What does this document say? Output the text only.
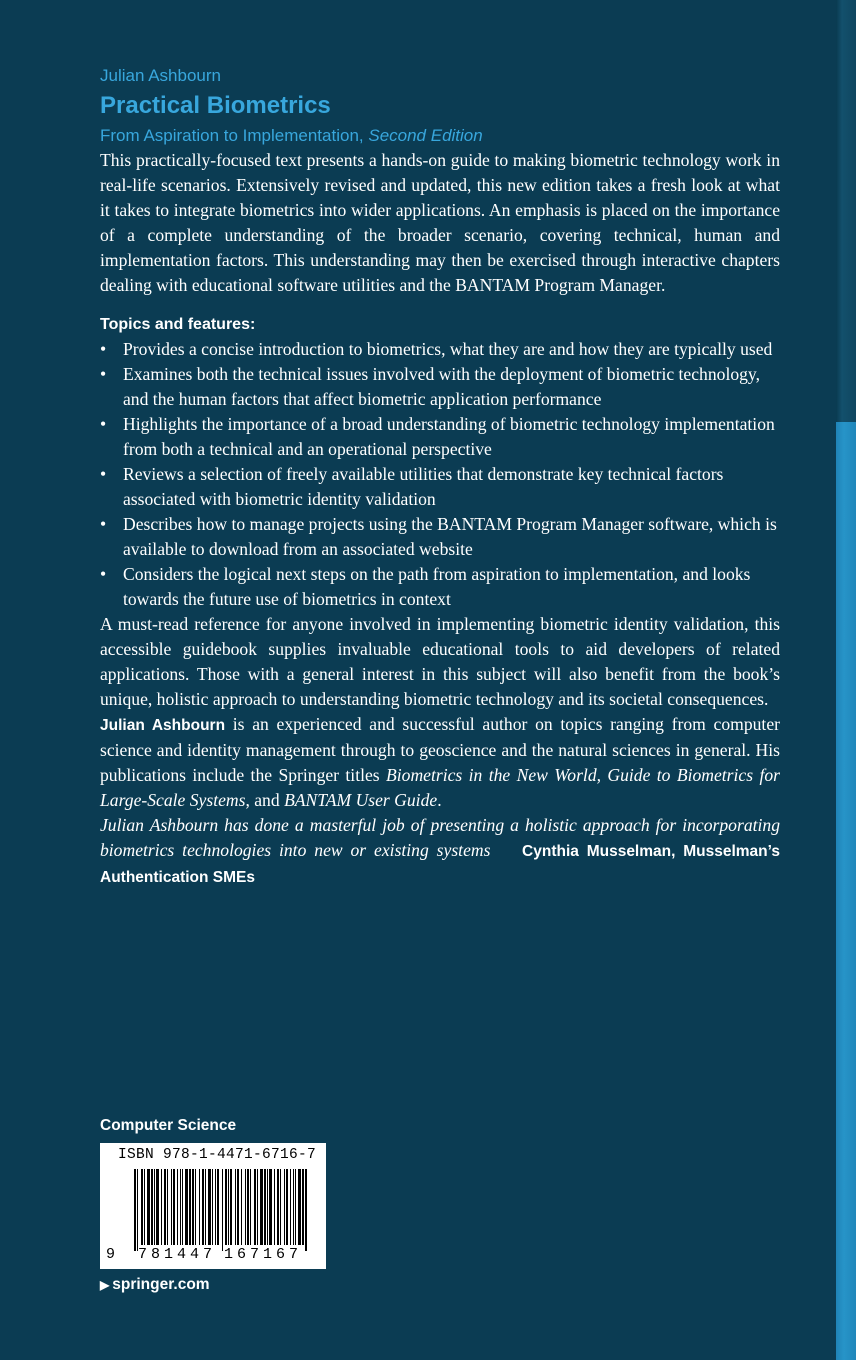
Julian Ashbourn
Practical Biometrics
From Aspiration to Implementation, Second Edition

This practically-focused text presents a hands-on guide to making biometric technology work in real-life scenarios. Extensively revised and updated, this new edition takes a fresh look at what it takes to integrate biometrics into wider applications. An emphasis is placed on the importance of a complete understanding of the broader scenario, covering technical, human and implementation factors. This understanding may then be exercised through interactive chapters dealing with educational software utilities and the BANTAM Program Manager.

Topics and features:
• Provides a concise introduction to biometrics, what they are and how they are typically used
• Examines both the technical issues involved with the deployment of biometric technology, and the human factors that affect biometric application performance
• Highlights the importance of a broad understanding of biometric technology implementation from both a technical and an operational perspective
• Reviews a selection of freely available utilities that demonstrate key technical factors associated with biometric identity validation
• Describes how to manage projects using the BANTAM Program Manager software, which is available to download from an associated website
• Considers the logical next steps on the path from aspiration to implementation, and looks towards the future use of biometrics in context

A must-read reference for anyone involved in implementing biometric identity validation, this accessible guidebook supplies invaluable educational tools to aid developers of related applications. Those with a general interest in this subject will also benefit from the book’s unique, holistic approach to understanding biometric technology and its societal consequences.

Julian Ashbourn is an experienced and successful author on topics ranging from computer science and identity management through to geoscience and the natural sciences in general. His publications include the Springer titles Biometrics in the New World, Guide to Biometrics for Large-Scale Systems, and BANTAM User Guide.

Julian Ashbourn has done a masterful job of presenting a holistic approach for incorporating biometrics technologies into new or existing systems Cynthia Musselman, Musselman’s Authentication SMEs

Computer Science
ISBN 978-1-4471-6716-7
9 781447 167167
▶ springer.com
